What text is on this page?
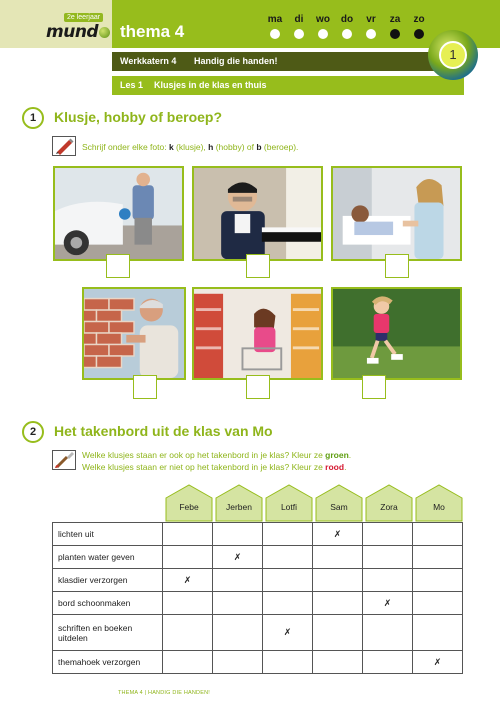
2e leerjaar
mund	thema 4
ma	di	wo	do	vr	za	zo
Werkkatern 4 Handig die handen!
Les 1 Klusjes in de klas en thuis
1
1	Klusje, hobby of beroep?
Schrijf onder elke foto: k (klusje), h (hobby) of b (beroep).
2	Het takenbord uit de klas van Mo
Welke klusjes staan er ook op het takenbord in je klas? Kleur ze groen.
Welke klusjes staan er niet op het takenbord in je klas? Kleur ze rood.
Febe	Jerben	Lotfi	Sam	Zora	Mo
lichten uit				✗		
planten water geven		✗				
klasdier verzorgen	✗					
bord schoonmaken					✗	
schriften en boeken uitdelen			✗			
themahoek verzorgen						✗
THEMA 4 | HANDIG DIE HANDEN!
